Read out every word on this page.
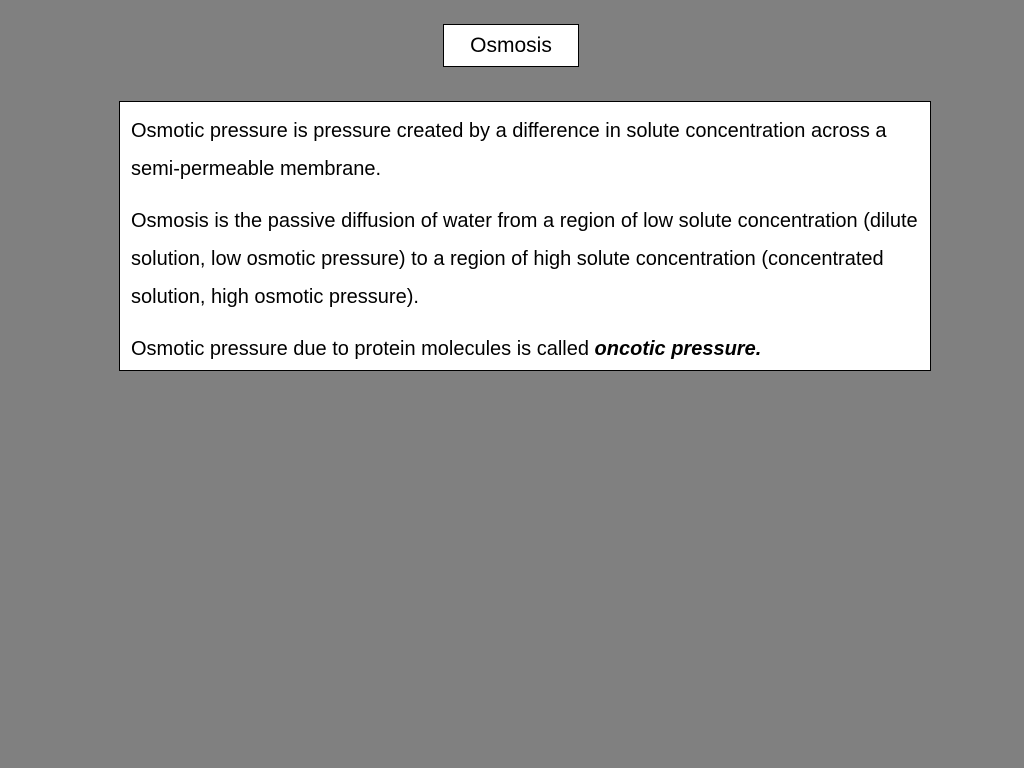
Osmosis

Osmotic pressure is pressure created by a difference in solute concentration across a semi-permeable membrane.

Osmosis is the passive diffusion of water from a region of low solute concentration (dilute solution, low osmotic pressure) to a region of high solute concentration (concentrated solution, high osmotic pressure).

Osmotic pressure due to protein molecules is called oncotic pressure.
